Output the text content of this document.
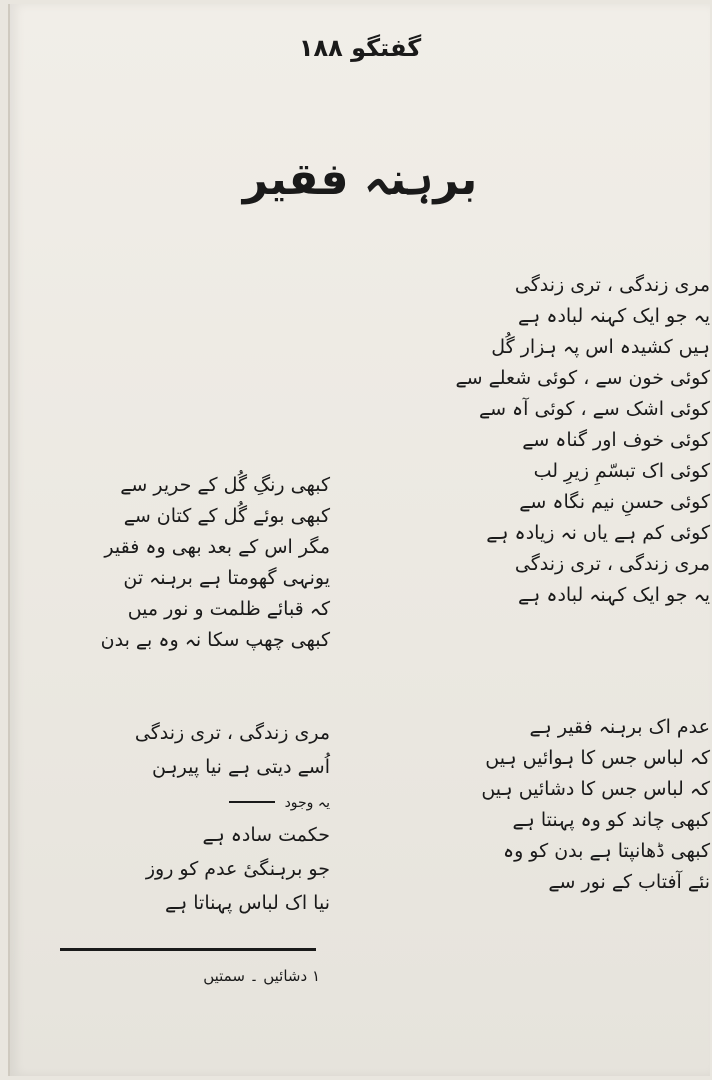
گفتگو ۱۸۸
برہنہ فقیر
مری زندگی ، تری زندگی
یہ جو ایک کہنہ لبادہ ہے
ہیں کشیدہ اس پہ ہزار گُل
کوئی خون سے ، کوئی شعلے سے
کوئی اشک سے ، کوئی آہ سے
کوئی خوف اور گناہ سے
کوئی اک تبسّمِ زیرِ لب
کوئی حسنِ نیم نگاہ سے
کوئی کم ہے یاں نہ زیادہ ہے
مری زندگی ، تری زندگی
یہ جو ایک کہنہ لبادہ ہے
عدم اک برہنہ فقیر ہے
کہ لباس جس کا ہوائیں ہیں
کہ لباس جس کا دشائیں ہیں
کبھی چاند کو وہ پہنتا ہے
کبھی ڈھانپتا ہے بدن کو وہ
نئے آفتاب کے نور سے
کبھی رنگِ گُل کے حریر سے
کبھی بوئے گُل کے کتان سے
مگر اس کے بعد بھی وہ فقیر
یونہی گھومتا ہے برہنہ تن
کہ قبائے ظلمت و نور میں
کبھی چھپ سکا نہ وہ بے بدن
مری زندگی ، تری زندگی
اُسے دیتی ہے نیا پیرہن
یہ وجود
حکمت سادہ ہے
جو برہنگیٔ عدم کو روز
نیا اک لباس پہناتا ہے
۱ دشائیں ۔ سمتیں
